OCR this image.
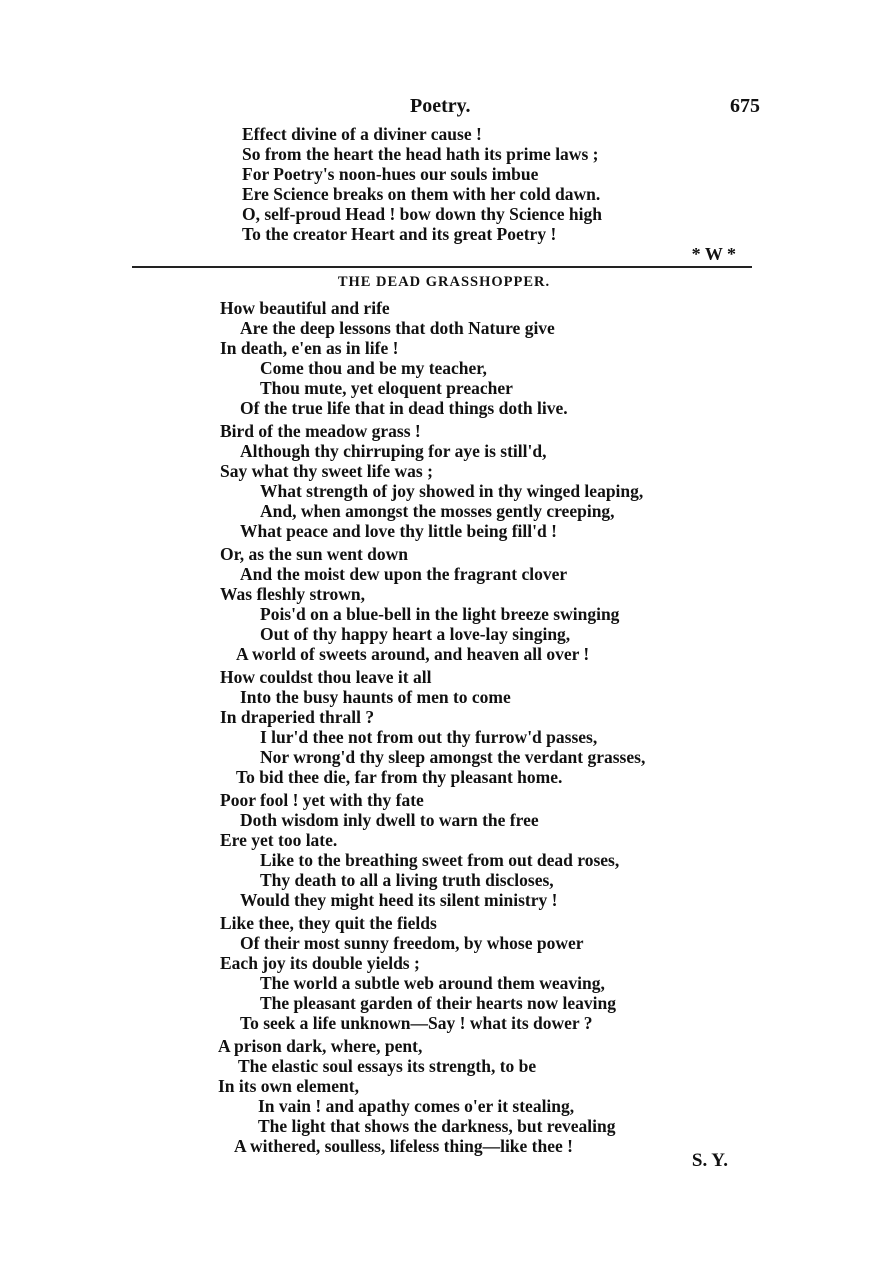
Poetry.	675
Effect divine of a diviner cause !
So from the heart the head hath its prime laws ;
For Poetry's noon-hues our souls imbue
Ere Science breaks on them with her cold dawn.
O, self-proud Head ! bow down thy Science high
To the creator Heart and its great Poetry !
* W *
THE DEAD GRASSHOPPER.
How beautiful and rife
Are the deep lessons that doth Nature give
In death, e'en as in life !
Come thou and be my teacher,
Thou mute, yet eloquent preacher
Of the true life that in dead things doth live.
Bird of the meadow grass !
Although thy chirruping for aye is still'd,
Say what thy sweet life was ;
What strength of joy showed in thy winged leaping,
And, when amongst the mosses gently creeping,
What peace and love thy little being fill'd !
Or, as the sun went down
And the moist dew upon the fragrant clover
Was fleshly strown,
Pois'd on a blue-bell in the light breeze swinging
Out of thy happy heart a love-lay singing,
A world of sweets around, and heaven all over !
How couldst thou leave it all
Into the busy haunts of men to come
In draperied thrall ?
I lur'd thee not from out thy furrow'd passes,
Nor wrong'd thy sleep amongst the verdant grasses,
To bid thee die, far from thy pleasant home.
Poor fool ! yet with thy fate
Doth wisdom inly dwell to warn the free
Ere yet too late.
Like to the breathing sweet from out dead roses,
Thy death to all a living truth discloses,
Would they might heed its silent ministry !
Like thee, they quit the fields
Of their most sunny freedom, by whose power
Each joy its double yields ;
The world a subtle web around them weaving,
The pleasant garden of their hearts now leaving
To seek a life unknown—Say ! what its dower ?
A prison dark, where, pent,
The elastic soul essays its strength, to be
In its own element,
In vain ! and apathy comes o'er it stealing,
The light that shows the darkness, but revealing
A withered, soulless, lifeless thing—like thee !
S. Y.
